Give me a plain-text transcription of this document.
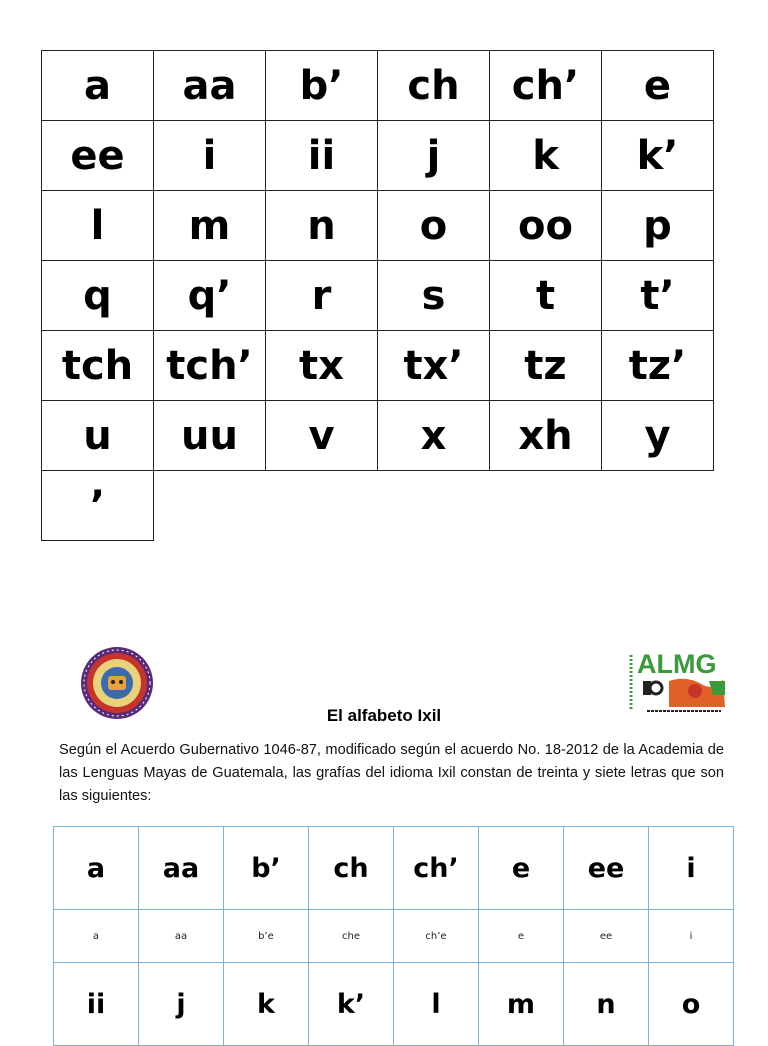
a	aa	b’	ch	ch’	e
ee	i	ii	j	k	k’
l	m	n	o	oo	p
q	q’	r	s	t	t’
tch	tch’	tx	tx’	tz	tz’
u	uu	v	x	xh	y
’					
ALMG
El alfabeto Ixil
Según el Acuerdo Gubernativo 1046-87, modificado según el acuerdo No. 18-2012 de la Academia de las Lenguas Mayas de Guatemala, las grafías del idioma Ixil constan de treinta y siete letras que son las siguientes:
a	aa	b’	ch	ch’	e	ee	i
a	aa	b’e	che	ch’e	e	ee	i
ii	j	k	k’	l	m	n	o
